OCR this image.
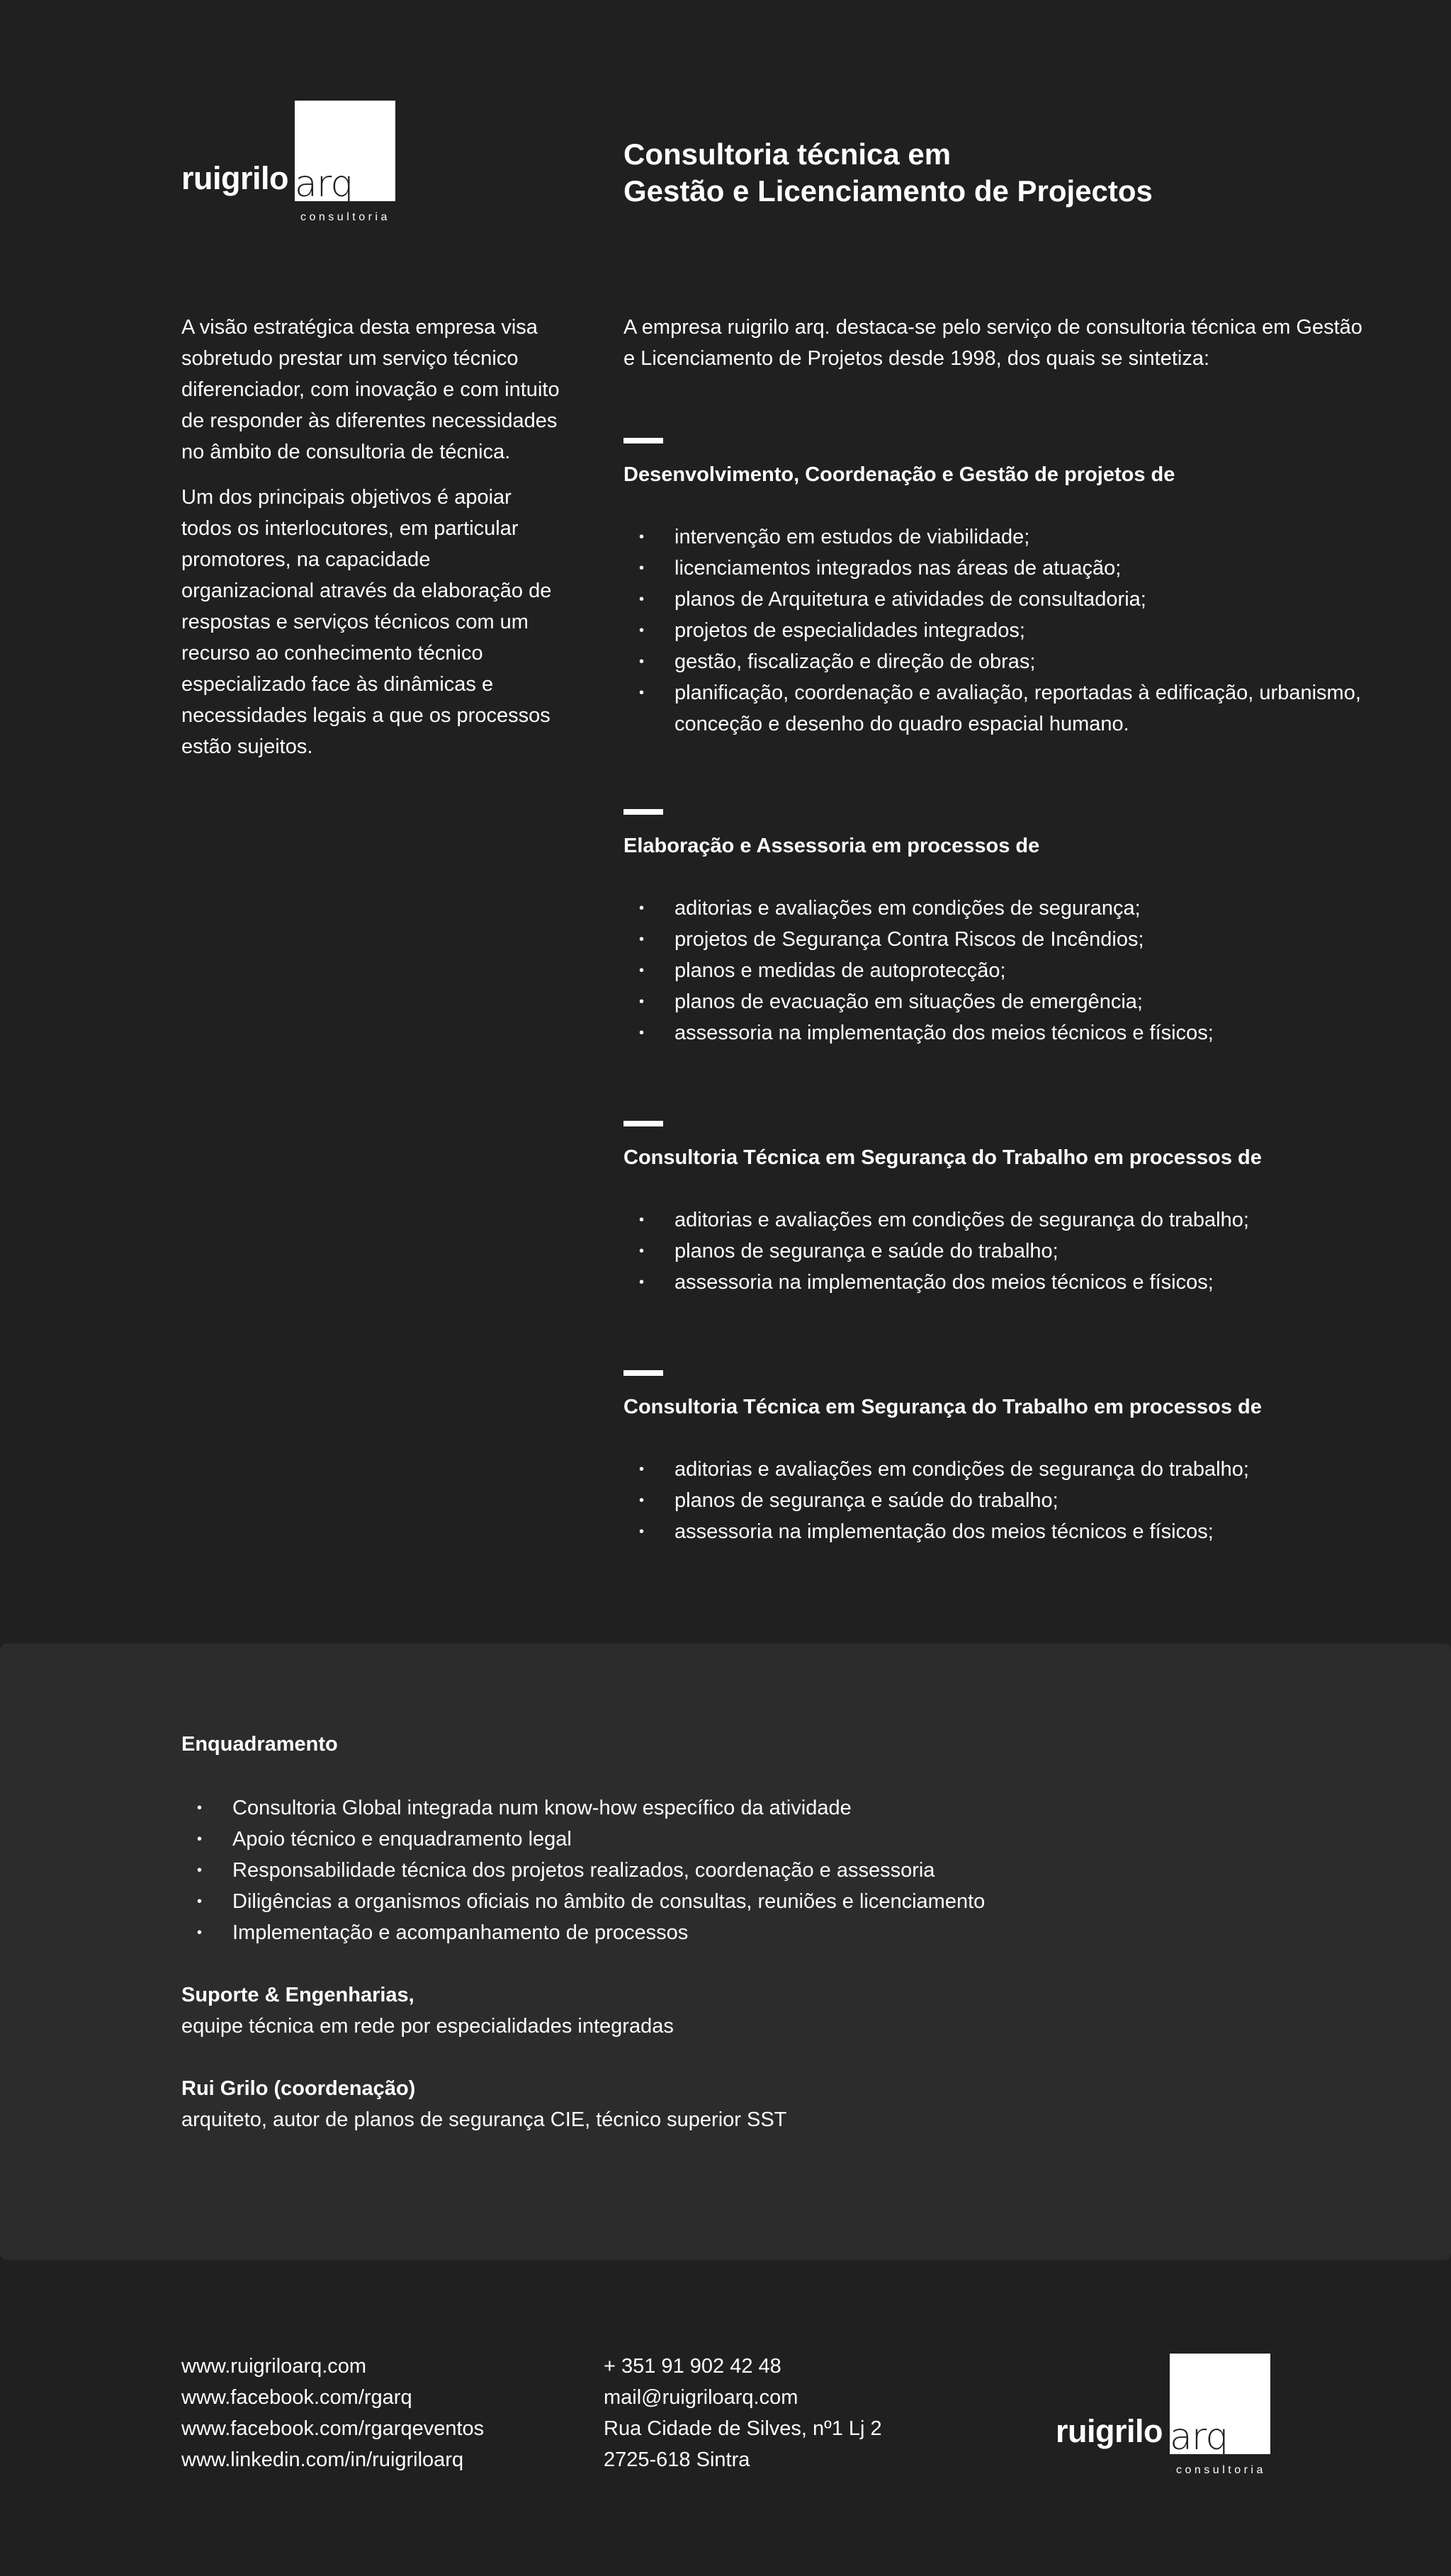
ruigrilo arq
consultoria
Consultoria técnica em
Gestão e Licenciamento de Projectos

A visão estratégica desta empresa visa sobretudo prestar um serviço técnico diferenciador, com inovação e com intuito de responder às diferentes necessidades no âmbito de consultoria de técnica.

Um dos principais objetivos é apoiar todos os interlocutores, em particular promotores, na capacidade organizacional através da elaboração de respostas e serviços técnicos com um recurso ao conhecimento técnico especializado face às dinâmicas e necessidades legais a que os processos estão sujeitos.

A empresa ruigrilo arq. destaca-se pelo serviço de consultoria técnica em Gestão e Licenciamento de Projetos desde 1998, dos quais se sintetiza:

Desenvolvimento, Coordenação e Gestão de projetos de
• intervenção em estudos de viabilidade;
• licenciamentos integrados nas áreas de atuação;
• planos de Arquitetura e atividades de consultadoria;
• projetos de especialidades integrados;
• gestão, fiscalização e direção de obras;
• planificação, coordenação e avaliação, reportadas à edificação, urbanismo, conceção e desenho do quadro espacial humano.
Elaboração e Assessoria em processos de
• aditorias e avaliações em condições de segurança;
• projetos de Segurança Contra Riscos de Incêndios;
• planos e medidas de autoprotecção;
• planos de evacuação em situações de emergência;
• assessoria na implementação dos meios técnicos e físicos;
Consultoria Técnica em Segurança do Trabalho em processos de
• aditorias e avaliações em condições de segurança do trabalho;
• planos de segurança e saúde do trabalho;
• assessoria na implementação dos meios técnicos e físicos;
Consultoria Técnica em Segurança do Trabalho em processos de
• aditorias e avaliações em condições de segurança do trabalho;
• planos de segurança e saúde do trabalho;
• assessoria na implementação dos meios técnicos e físicos;
Enquadramento
• Consultoria Global integrada num know-how específico da atividade
• Apoio técnico e enquadramento legal
• Responsabilidade técnica dos projetos realizados, coordenação e assessoria
• Diligências a organismos oficiais no âmbito de consultas, reuniões e licenciamento
• Implementação e acompanhamento de processos
Suporte & Engenharias,
equipe técnica em rede por especialidades integradas
Rui Grilo (coordenação)
arquiteto, autor de planos de segurança CIE, técnico superior SST
www.ruigriloarq.com
www.facebook.com/rgarq
www.facebook.com/rgarqeventos
www.linkedin.com/in/ruigriloarq
+ 351 91 902 42 48
mail@ruigriloarq.com
Rua Cidade de Silves, nº1 Lj 2
2725-618 Sintra
ruigrilo arq
consultoria
